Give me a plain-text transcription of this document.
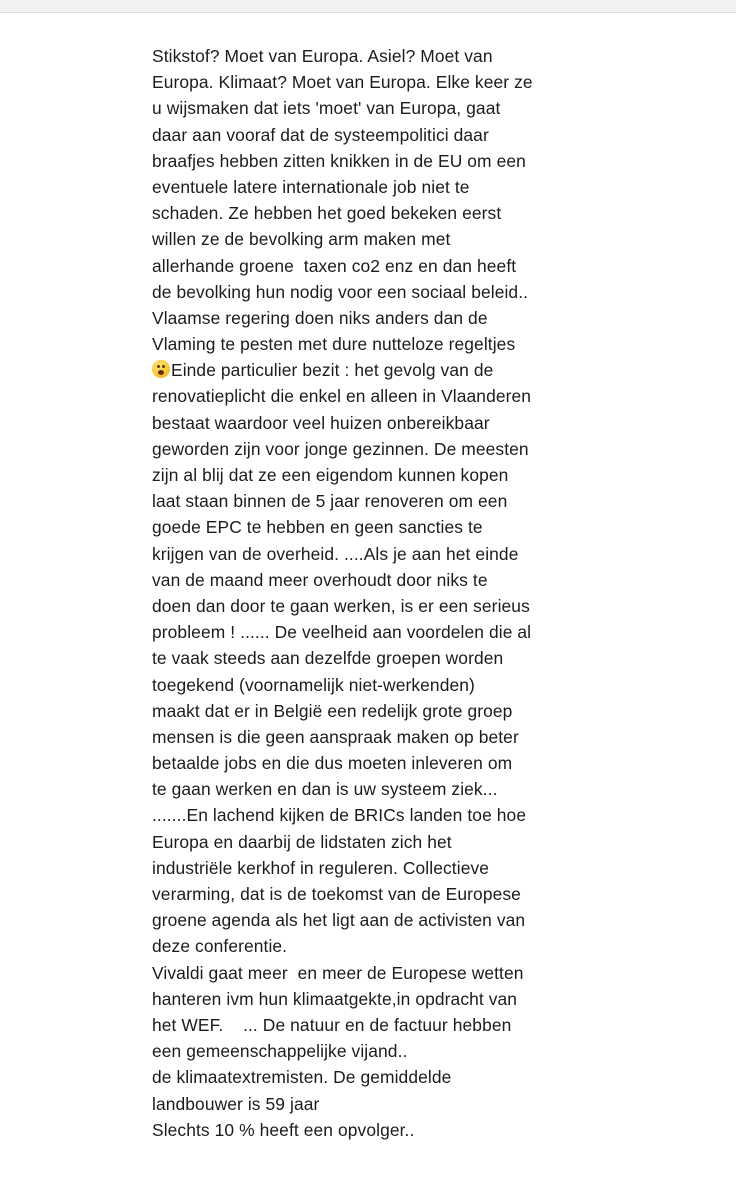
Stikstof? Moet van Europa. Asiel? Moet van
Europa. Klimaat? Moet van Europa. Elke keer ze
u wijsmaken dat iets 'moet' van Europa, gaat
daar aan vooraf dat de systeempolitici daar
braafjes hebben zitten knikken in de EU om een
eventuele latere internationale job niet te
schaden. Ze hebben het goed bekeken eerst
willen ze de bevolking arm maken met
allerhande groene  taxen co2 enz en dan heeft
de bevolking hun nodig voor een sociaal beleid..
Vlaamse regering doen niks anders dan de
Vlaming te pesten met dure nutteloze regeltjes
Einde particulier bezit : het gevolg van de
renovatieplicht die enkel en alleen in Vlaanderen
bestaat waardoor veel huizen onbereikbaar
geworden zijn voor jonge gezinnen. De meesten
zijn al blij dat ze een eigendom kunnen kopen
laat staan binnen de 5 jaar renoveren om een
goede EPC te hebben en geen sancties te
krijgen van de overheid. ....Als je aan het einde
van de maand meer overhoudt door niks te
doen dan door te gaan werken, is er een serieus
probleem ! ...... De veelheid aan voordelen die al
te vaak steeds aan dezelfde groepen worden
toegekend (voornamelijk niet-werkenden)
maakt dat er in België een redelijk grote groep
mensen is die geen aanspraak maken op beter
betaalde jobs en die dus moeten inleveren om
te gaan werken en dan is uw systeem ziek...
.......En lachend kijken de BRICs landen toe hoe
Europa en daarbij de lidstaten zich het
industriële kerkhof in reguleren. Collectieve
verarming, dat is de toekomst van de Europese
groene agenda als het ligt aan de activisten van
deze conferentie.
Vivaldi gaat meer  en meer de Europese wetten
hanteren ivm hun klimaatgekte,in opdracht van
het WEF.    ... De natuur en de factuur hebben
een gemeenschappelijke vijand..
de klimaatextremisten. De gemiddelde
landbouwer is 59 jaar
Slechts 10 % heeft een opvolger..
